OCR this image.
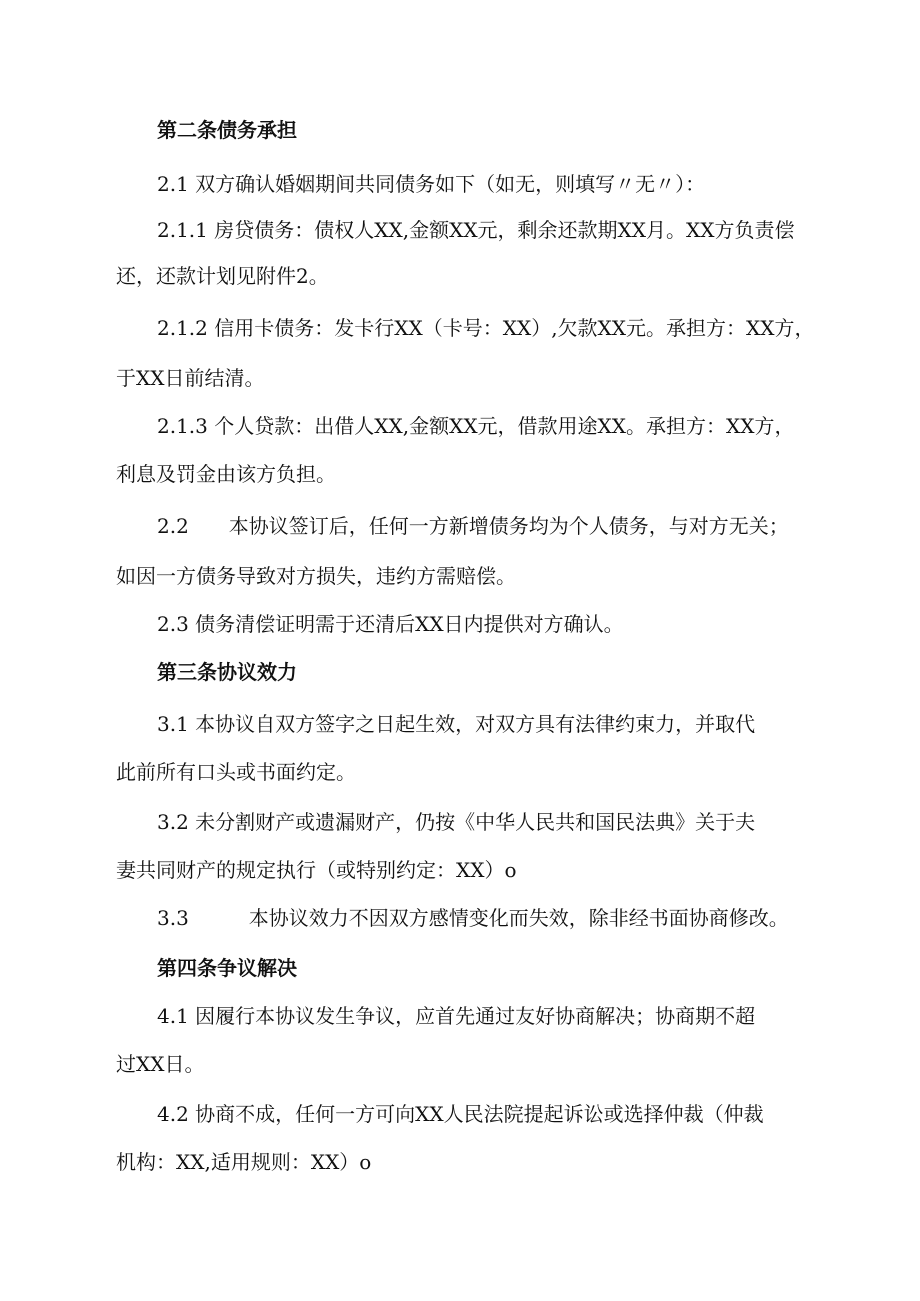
第二条债务承担
2.1 双方确认婚姻期间共同债务如下（如无，则填写〃无〃）：
2.1.1 房贷债务：债权人XX,金额XX元，剩余还款期XX月。XX方负责偿
还，还款计划见附件2。
2.1.2 信用卡债务：发卡行XX（卡号：XX）,欠款XX元。承担方：XX方，
于XX日前结清。
2.1.3 个人贷款：出借人XX,金额XX元，借款用途XX。承担方：XX方，
利息及罚金由该方负担。
2.2　　本协议签订后，任何一方新增债务均为个人债务，与对方无关；
如因一方债务导致对方损失，违约方需赔偿。
2.3 债务清偿证明需于还清后XX日内提供对方确认。
第三条协议效力
3.1 本协议自双方签字之日起生效，对双方具有法律约束力，并取代
此前所有口头或书面约定。
3.2 未分割财产或遗漏财产，仍按《中华人民共和国民法典》关于夫
妻共同财产的规定执行（或特别约定：XX）o
3.3　　　本协议效力不因双方感情变化而失效，除非经书面协商修改。
第四条争议解决
4.1 因履行本协议发生争议，应首先通过友好协商解决；协商期不超
过XX日。
4.2 协商不成，任何一方可向XX人民法院提起诉讼或选择仲裁（仲裁
机构：XX,适用规则：XX）o
